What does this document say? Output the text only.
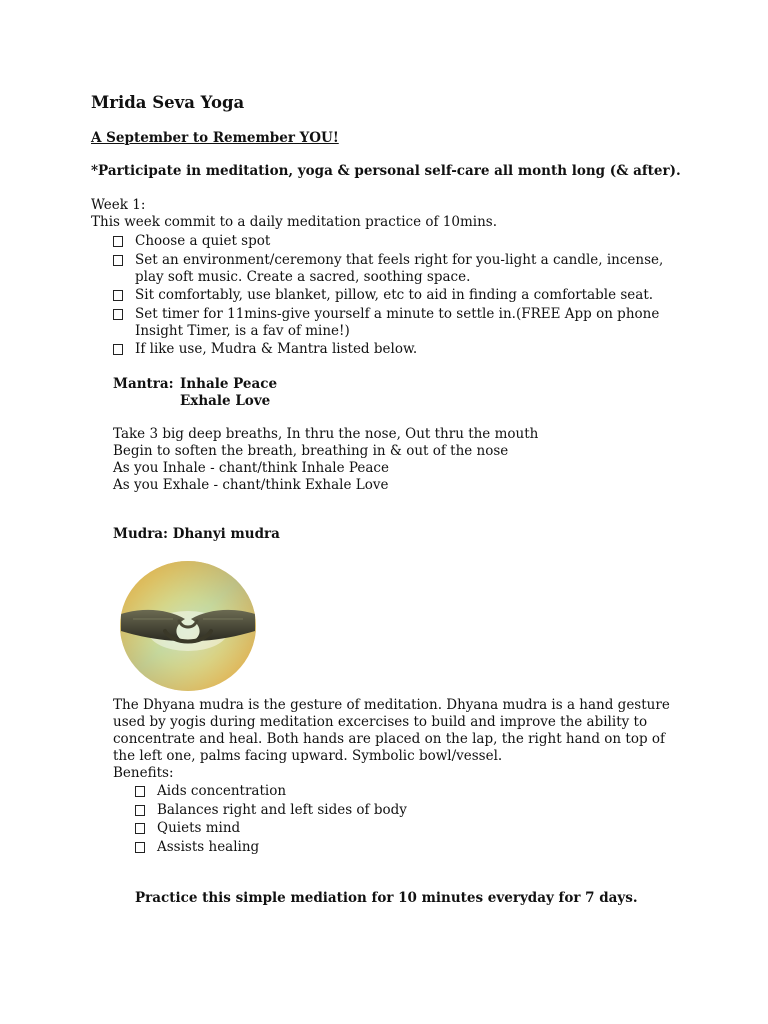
Mrida Seva Yoga
A September to Remember YOU!
*Participate in meditation, yoga & personal self-care all month long (& after).
Week 1:
This week commit to a daily meditation practice of 10mins.
Choose a quiet spot
Set an environment/ceremony that feels right for you-light a candle, incense, play soft music. Create a sacred, soothing space.
Sit comfortably, use blanket, pillow, etc to aid in finding a comfortable seat.
Set timer for 11mins-give yourself a minute to settle in.(FREE App on phone Insight Timer, is a fav of mine!)
If like use, Mudra & Mantra listed below.
Mantra: Inhale Peace
Exhale Love
Take 3 big deep breaths, In thru the nose, Out thru the mouth
Begin to soften the breath, breathing in & out of the nose
As you Inhale - chant/think Inhale Peace
As you Exhale - chant/think Exhale Love
Mudra: Dhanyi mudra
The Dhyana mudra is the gesture of meditation. Dhyana mudra is a hand gesture used by yogis during meditation excercises to build and improve the ability to concentrate and heal. Both hands are placed on the lap, the right hand on top of the left one, palms facing upward. Symbolic bowl/vessel.
Benefits:
Aids concentration
Balances right and left sides of body
Quiets mind
Assists healing
Practice this simple mediation for 10 minutes everyday for 7 days.
